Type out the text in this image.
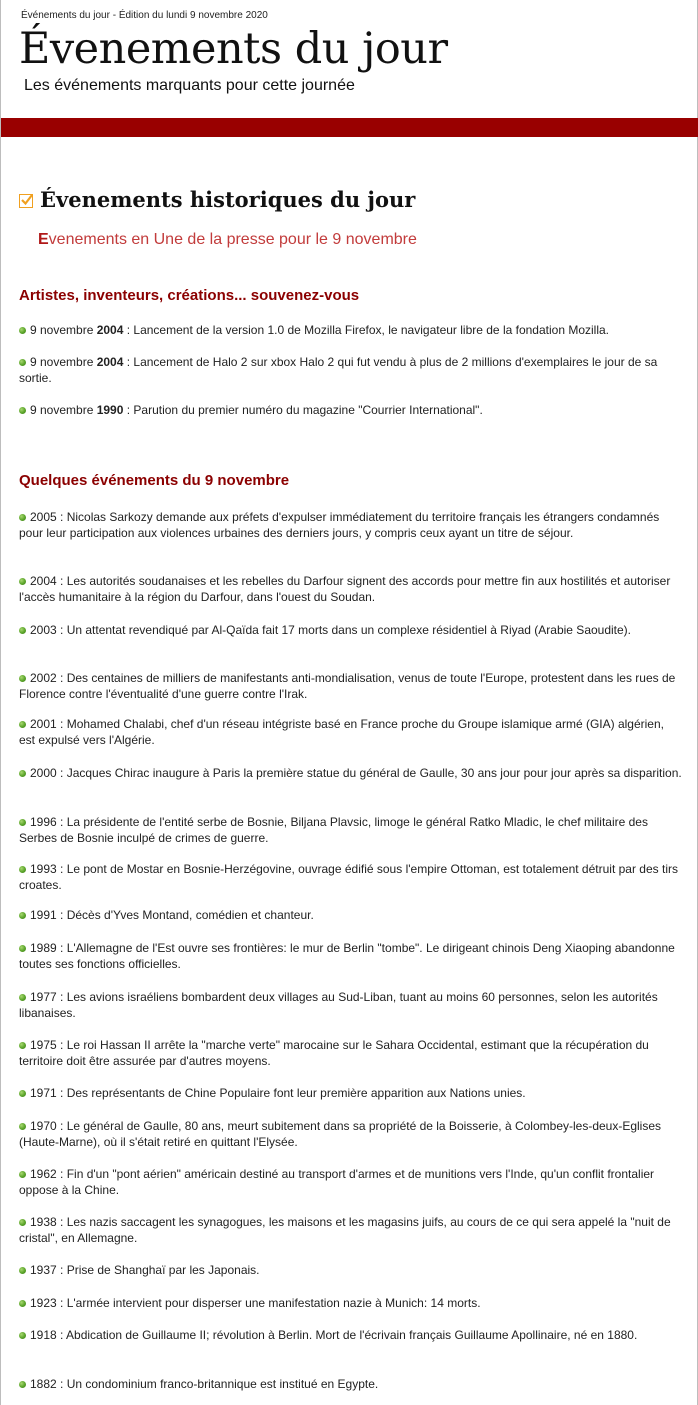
Événements du jour - Édition du lundi 9 novembre 2020
Évenements du jour
Les événements marquants pour cette journée
Évenements historiques du jour
Evenements en Une de la presse pour le 9 novembre
Artistes, inventeurs, créations... souvenez-vous
9 novembre 2004 : Lancement de la version 1.0 de Mozilla Firefox, le navigateur libre de la fondation Mozilla.
9 novembre 2004 : Lancement de Halo 2 sur xbox Halo 2 qui fut vendu à plus de 2 millions d'exemplaires le jour de sa sortie.
9 novembre 1990 : Parution du premier numéro du magazine "Courrier International".
Quelques événements du 9 novembre
2005 : Nicolas Sarkozy demande aux préfets d'expulser immédiatement du territoire français les étrangers condamnés pour leur participation aux violences urbaines des derniers jours, y compris ceux ayant un titre de séjour.
2004 : Les autorités soudanaises et les rebelles du Darfour signent des accords pour mettre fin aux hostilités et autoriser l'accès humanitaire à la région du Darfour, dans l'ouest du Soudan.
2003 : Un attentat revendiqué par Al-Qaïda fait 17 morts dans un complexe résidentiel à Riyad (Arabie Saoudite).
2002 : Des centaines de milliers de manifestants anti-mondialisation, venus de toute l'Europe, protestent dans les rues de Florence contre l'éventualité d'une guerre contre l'Irak.
2001 : Mohamed Chalabi, chef d'un réseau intégriste basé en France proche du Groupe islamique armé (GIA) algérien, est expulsé vers l'Algérie.
2000 : Jacques Chirac inaugure à Paris la première statue du général de Gaulle, 30 ans jour pour jour après sa disparition.
1996 : La présidente de l'entité serbe de Bosnie, Biljana Plavsic, limoge le général Ratko Mladic, le chef militaire des Serbes de Bosnie inculpé de crimes de guerre.
1993 : Le pont de Mostar en Bosnie-Herzégovine, ouvrage édifié sous l'empire Ottoman, est totalement détruit par des tirs croates.
1991 : Décès d'Yves Montand, comédien et chanteur.
1989 : L'Allemagne de l'Est ouvre ses frontières: le mur de Berlin "tombe". Le dirigeant chinois Deng Xiaoping abandonne toutes ses fonctions officielles.
1977 : Les avions israéliens bombardent deux villages au Sud-Liban, tuant au moins 60 personnes, selon les autorités libanaises.
1975 : Le roi Hassan II arrête la "marche verte" marocaine sur le Sahara Occidental, estimant que la récupération du territoire doit être assurée par d'autres moyens.
1971 : Des représentants de Chine Populaire font leur première apparition aux Nations unies.
1970 : Le général de Gaulle, 80 ans, meurt subitement dans sa propriété de la Boisserie, à Colombey-les-deux-Eglises (Haute-Marne), où il s'était retiré en quittant l'Elysée.
1962 : Fin d'un "pont aérien" américain destiné au transport d'armes et de munitions vers l'Inde, qu'un conflit frontalier oppose à la Chine.
1938 : Les nazis saccagent les synagogues, les maisons et les magasins juifs, au cours de ce qui sera appelé la "nuit de cristal", en Allemagne.
1937 : Prise de Shanghaï par les Japonais.
1923 : L'armée intervient pour disperser une manifestation nazie à Munich: 14 morts.
1918 : Abdication de Guillaume II; révolution à Berlin. Mort de l'écrivain français Guillaume Apollinaire, né en 1880.
1882 : Un condominium franco-britannique est institué en Egypte.
